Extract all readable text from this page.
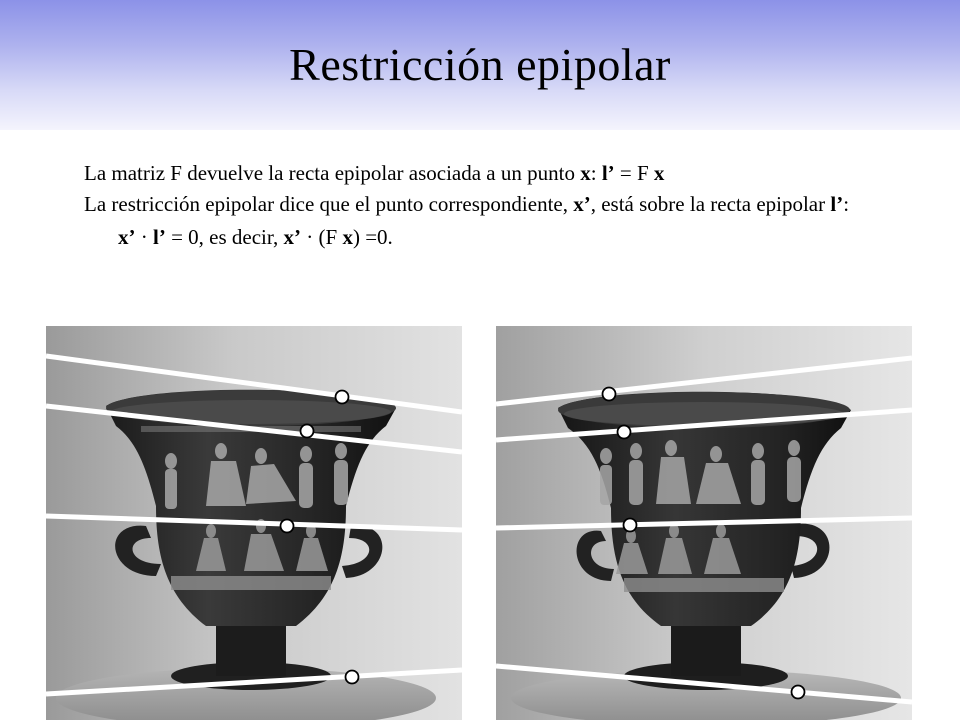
Restricción epipolar

La matriz F devuelve la recta epipolar asociada a un punto x: l’ = F x

La restricción epipolar dice que el punto correspondiente, x’, está sobre la recta epipolar l’:

x’ · l’ = 0, es decir, x’ · (F x) =0.
